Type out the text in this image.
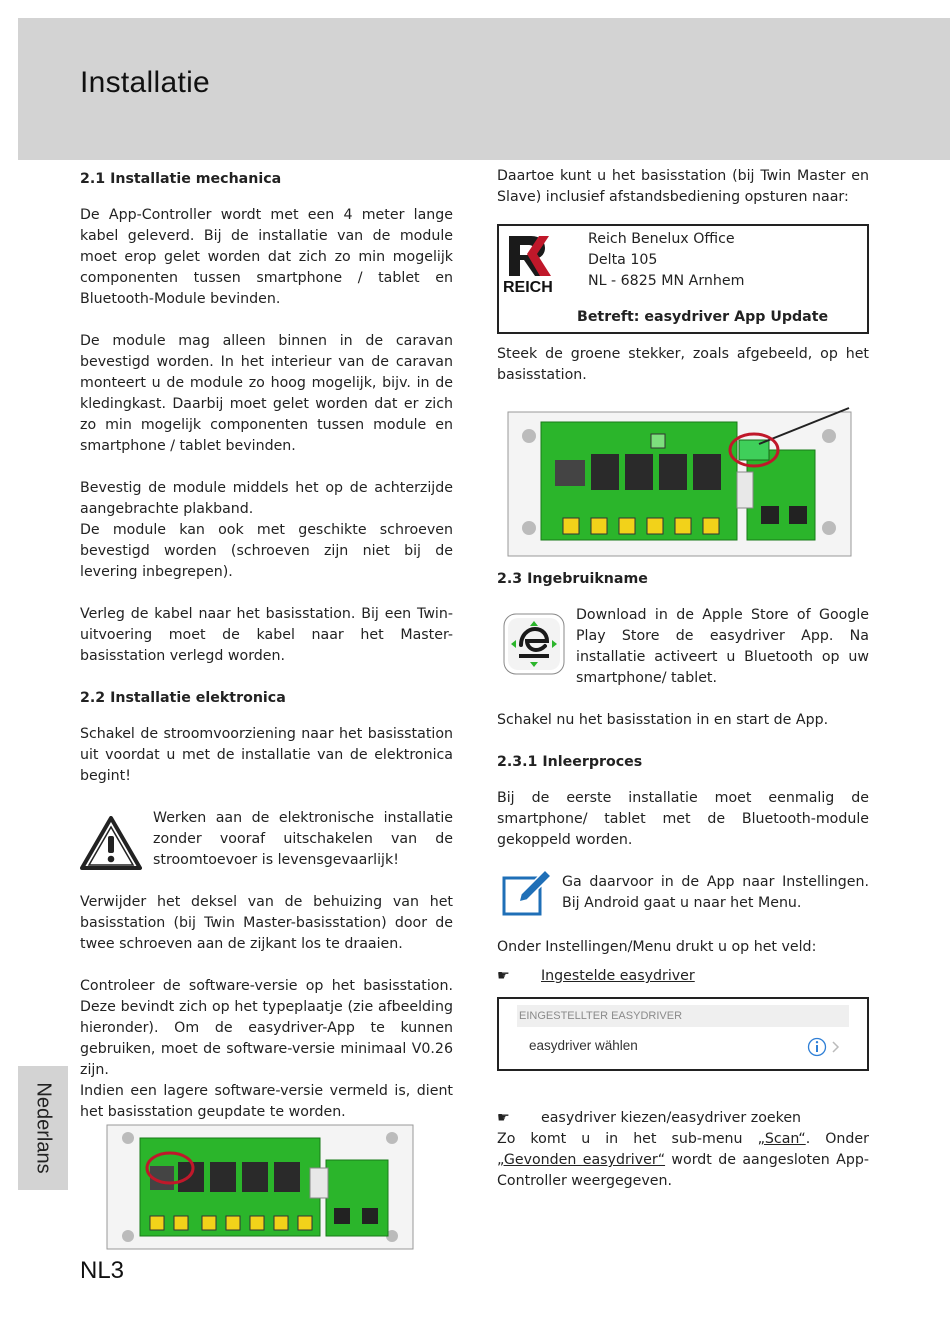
Installatie
2.1 Installatie mechanica

De App-Controller wordt met een 4 meter lange kabel geleverd. Bij de installatie van de module moet erop gelet worden dat zich zo min mogelijk componenten tussen smartphone / tablet en Bluetooth-Module bevinden.

De module mag alleen binnen in de caravan bevestigd worden. In het interieur van de caravan monteert u de module zo hoog mogelijk, bijv. in de kledingkast. Daarbij moet gelet worden dat er zich zo min mogelijk componenten tussen module en smartphone / tablet bevinden.

Bevestig de module middels het op de achterzijde aangebrachte plakband.

De module kan ook met geschikte schroeven bevestigd worden (schroeven zijn niet bij de levering inbegrepen).

Verleg de kabel naar het basisstation. Bij een Twin-uitvoering moet de kabel naar het Master-basisstation verlegd worden.

2.2 Installatie elektronica

Schakel de stroomvoorziening naar het basisstation uit voordat u met de installatie van de elektronica begint!

Werken aan de elektronische installatie zonder vooraf uitschakelen van de stroomtoevoer is levensgevaarlijk!

Verwijder het deksel van de behuizing van het basisstation (bij Twin Master-basisstation) door de twee schroeven aan de zijkant los te draaien.

Controleer de software-versie op het basisstation. Deze bevindt zich op het typeplaatje (zie afbeelding hieronder). Om de easydriver-App te kunnen gebruiken, moet de software-versie minimaal V0.26 zijn.

Indien een lagere software-versie vermeld is, dient het basisstation geupdate te worden.

Daartoe kunt u het basisstation (bij Twin Master en Slave) inclusief afstandsbediening opsturen naar:

REICH
Reich Benelux Office
Delta 105
NL - 6825 MN Arnhem
Betreft: easydriver App Update

Steek de groene stekker, zoals afgebeeld, op het basisstation.

2.3 Ingebruikname

Download in de Apple Store of Google Play Store de easydriver App. Na installatie activeert u Bluetooth op uw smartphone/ tablet.

Schakel nu het basisstation in en start de App.

2.3.1 Inleerproces

Bij de eerste installatie moet eenmalig de smartphone/ tablet met de Bluetooth-module gekoppeld worden.

Ga daarvoor in de App naar Instellingen. Bij Android gaat u naar het Menu.

Onder Instellingen/Menu drukt u op het veld:

☛	Ingestelde easydriver
EINGESTELLTER EASYDRIVER
easydriver wählen
☛	easydriver kiezen/easydriver zoeken

Zo komt u in het sub-menu „Scan“. Onder „Gevonden easydriver“ wordt de aangesloten App-Controller weergegeven.

Nederlans
NL3
